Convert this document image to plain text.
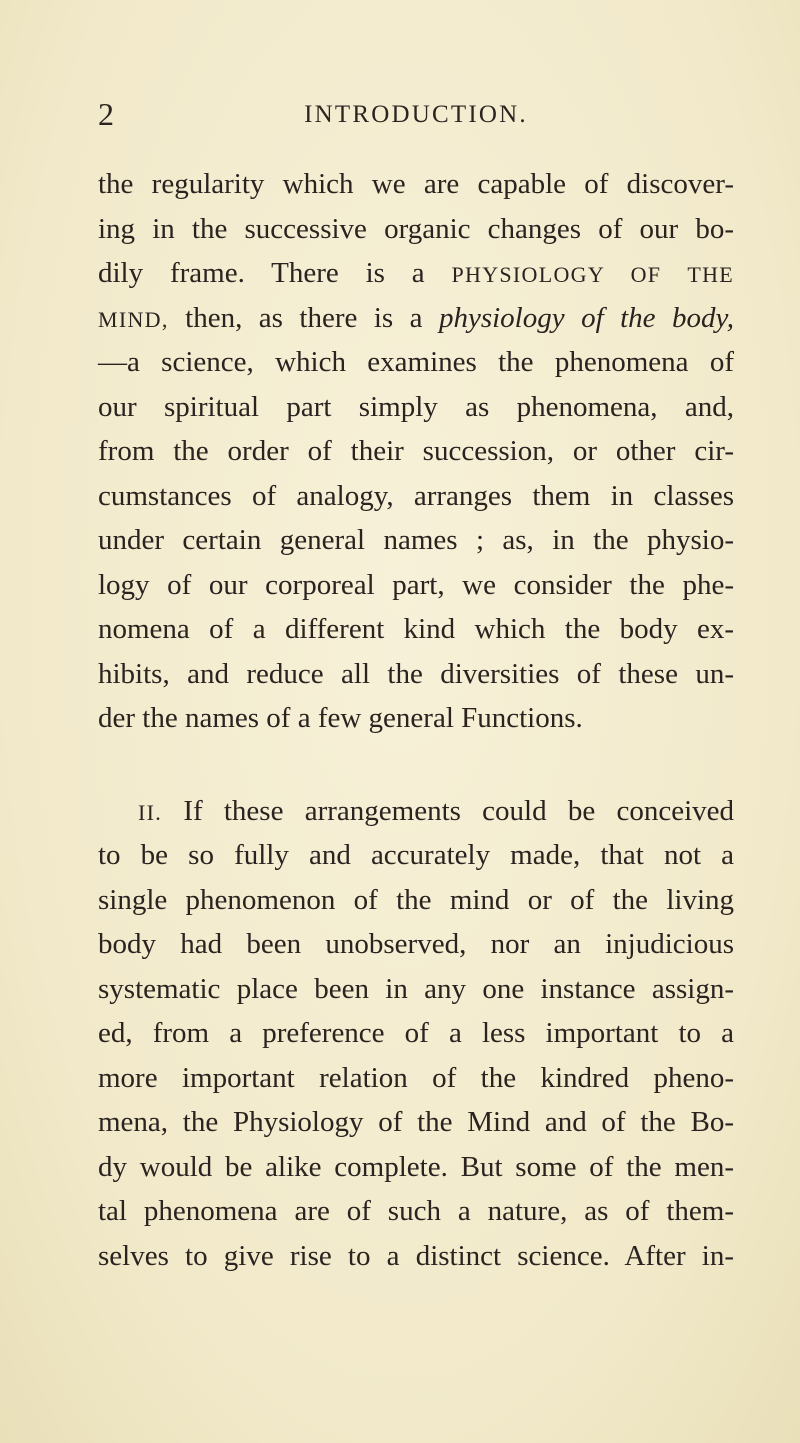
2	INTRODUCTION.
the regularity which we are capable of discover-
ing in the successive organic changes of our bo-
dily frame. There is a PHYSIOLOGY OF THE
MIND, then, as there is a physiology of the body,
—a science, which examines the phenomena of
our spiritual part simply as phenomena, and,
from the order of their succession, or other cir-
cumstances of analogy, arranges them in classes
under certain general names ; as, in the physio-
logy of our corporeal part, we consider the phe-
nomena of a different kind which the body ex-
hibits, and reduce all the diversities of these un-
der the names of a few general Functions.
II. If these arrangements could be conceived
to be so fully and accurately made, that not a
single phenomenon of the mind or of the living
body had been unobserved, nor an injudicious
systematic place been in any one instance assign-
ed, from a preference of a less important to a
more important relation of the kindred pheno-
mena, the Physiology of the Mind and of the Bo-
dy would be alike complete. But some of the men-
tal phenomena are of such a nature, as of them-
selves to give rise to a distinct science. After in-
